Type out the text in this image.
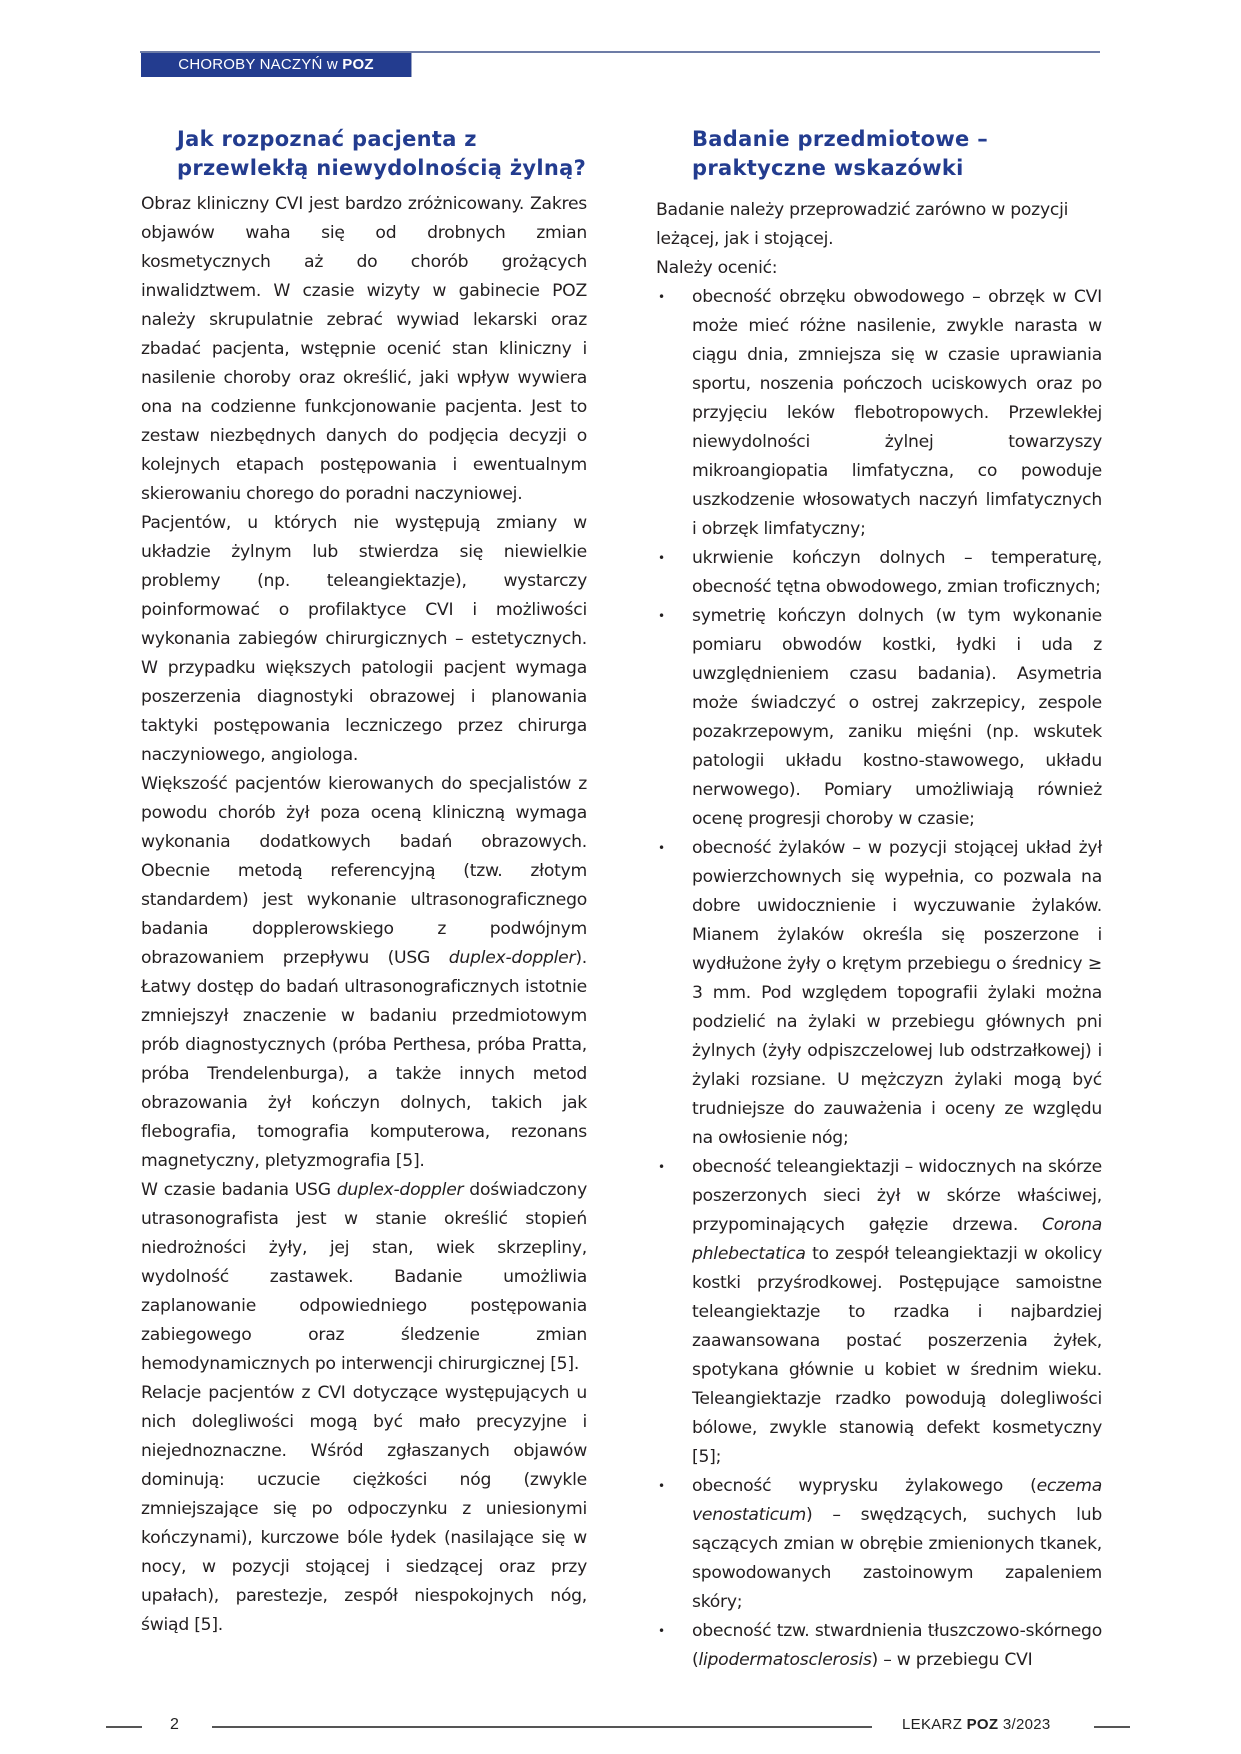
CHOROBY NACZYŃ w POZ
Jak rozpoznać pacjenta z przewlekłą niewydolnością żylną?

Obraz kliniczny CVI jest bardzo zróżnicowany. Zakres objawów waha się od drobnych zmian kosmetycznych aż do chorób grożących inwalidztwem. W czasie wizyty w gabinecie POZ należy skrupulatnie zebrać wywiad lekarski oraz zbadać pacjenta, wstępnie ocenić stan kliniczny i nasilenie choroby oraz określić, jaki wpływ wywiera ona na codzienne funkcjonowanie pacjenta. Jest to zestaw niezbędnych danych do podjęcia decyzji o kolejnych etapach postępowania i ewentualnym skierowaniu chorego do poradni naczyniowej.

Pacjentów, u których nie występują zmiany w układzie żylnym lub stwierdza się niewielkie problemy (np. teleangiektazje), wystarczy poinformować o profilaktyce CVI i możliwości wykonania zabiegów chirurgicznych – estetycznych. W przypadku większych patologii pacjent wymaga poszerzenia diagnostyki obrazowej i planowania taktyki postępowania leczniczego przez chirurga naczyniowego, angiologa.

Większość pacjentów kierowanych do specjalistów z powodu chorób żył poza oceną kliniczną wymaga wykonania dodatkowych badań obrazowych. Obecnie metodą referencyjną (tzw. złotym standardem) jest wykonanie ultrasonograficznego badania dopplerowskiego z podwójnym obrazowaniem przepływu (USG duplex-doppler). Łatwy dostęp do badań ultrasonograficznych istotnie zmniejszył znaczenie w badaniu przedmiotowym prób diagnostycznych (próba Perthesa, próba Pratta, próba Trendelenburga), a także innych metod obrazowania żył kończyn dolnych, takich jak flebografia, tomografia komputerowa, rezonans magnetyczny, pletyzmografia [5].

W czasie badania USG duplex-doppler doświadczony utrasonografista jest w stanie określić stopień niedrożności żyły, jej stan, wiek skrzepliny, wydolność zastawek. Badanie umożliwia zaplanowanie odpowiedniego postępowania zabiegowego oraz śledzenie zmian hemodynamicznych po interwencji chirurgicznej [5].

Relacje pacjentów z CVI dotyczące występujących u nich dolegliwości mogą być mało precyzyjne i niejednoznaczne. Wśród zgłaszanych objawów dominują: uczucie ciężkości nóg (zwykle zmniejszające się po odpoczynku z uniesionymi kończynami), kurczowe bóle łydek (nasilające się w nocy, w pozycji stojącej i siedzącej oraz przy upałach), parestezje, zespół niespokojnych nóg, świąd [5].

Badanie przedmiotowe – praktyczne wskazówki

Badanie należy przeprowadzić zarówno w pozycji leżącej, jak i stojącej.

Należy ocenić:

• obecność obrzęku obwodowego – obrzęk w CVI może mieć różne nasilenie, zwykle narasta w ciągu dnia, zmniejsza się w czasie uprawiania sportu, noszenia pończoch uciskowych oraz po przyjęciu leków flebotropowych. Przewlekłej niewydolności żylnej towarzyszy mikroangiopatia limfatyczna, co powoduje uszkodzenie włosowatych naczyń limfatycznych i obrzęk limfatyczny;
• ukrwienie kończyn dolnych – temperaturę, obecność tętna obwodowego, zmian troficznych;
• symetrię kończyn dolnych (w tym wykonanie pomiaru obwodów kostki, łydki i uda z uwzględnieniem czasu badania). Asymetria może świadczyć o ostrej zakrzepicy, zespole pozakrzepowym, zaniku mięśni (np. wskutek patologii układu kostno-stawowego, układu nerwowego). Pomiary umożliwiają również ocenę progresji choroby w czasie;
• obecność żylaków – w pozycji stojącej układ żył powierzchownych się wypełnia, co pozwala na dobre uwidocznienie i wyczuwanie żylaków. Mianem żylaków określa się poszerzone i wydłużone żyły o krętym przebiegu o średnicy ≥ 3 mm. Pod względem topografii żylaki można podzielić na żylaki w przebiegu głównych pni żylnych (żyły odpiszczelowej lub odstrzałkowej) i żylaki rozsiane. U mężczyzn żylaki mogą być trudniejsze do zauważenia i oceny ze względu na owłosienie nóg;
• obecność teleangiektazji – widocznych na skórze poszerzonych sieci żył w skórze właściwej, przypominających gałęzie drzewa. Corona phlebectatica to zespół teleangiektazji w okolicy kostki przyśrodkowej. Postępujące samoistne teleangiektazje to rzadka i najbardziej zaawansowana postać poszerzenia żyłek, spotykana głównie u kobiet w średnim wieku. Teleangiektazje rzadko powodują dolegliwości bólowe, zwykle stanowią defekt kosmetyczny [5];
• obecność wyprysku żylakowego (eczema venostaticum) – swędzących, suchych lub sączących zmian w obrębie zmienionych tkanek, spowodowanych zastoinowym zapaleniem skóry;
• obecność tzw. stwardnienia tłuszczowo-skórnego (lipodermatosclerosis) – w przebiegu CVI
2	LEKARZ POZ 3/2023
